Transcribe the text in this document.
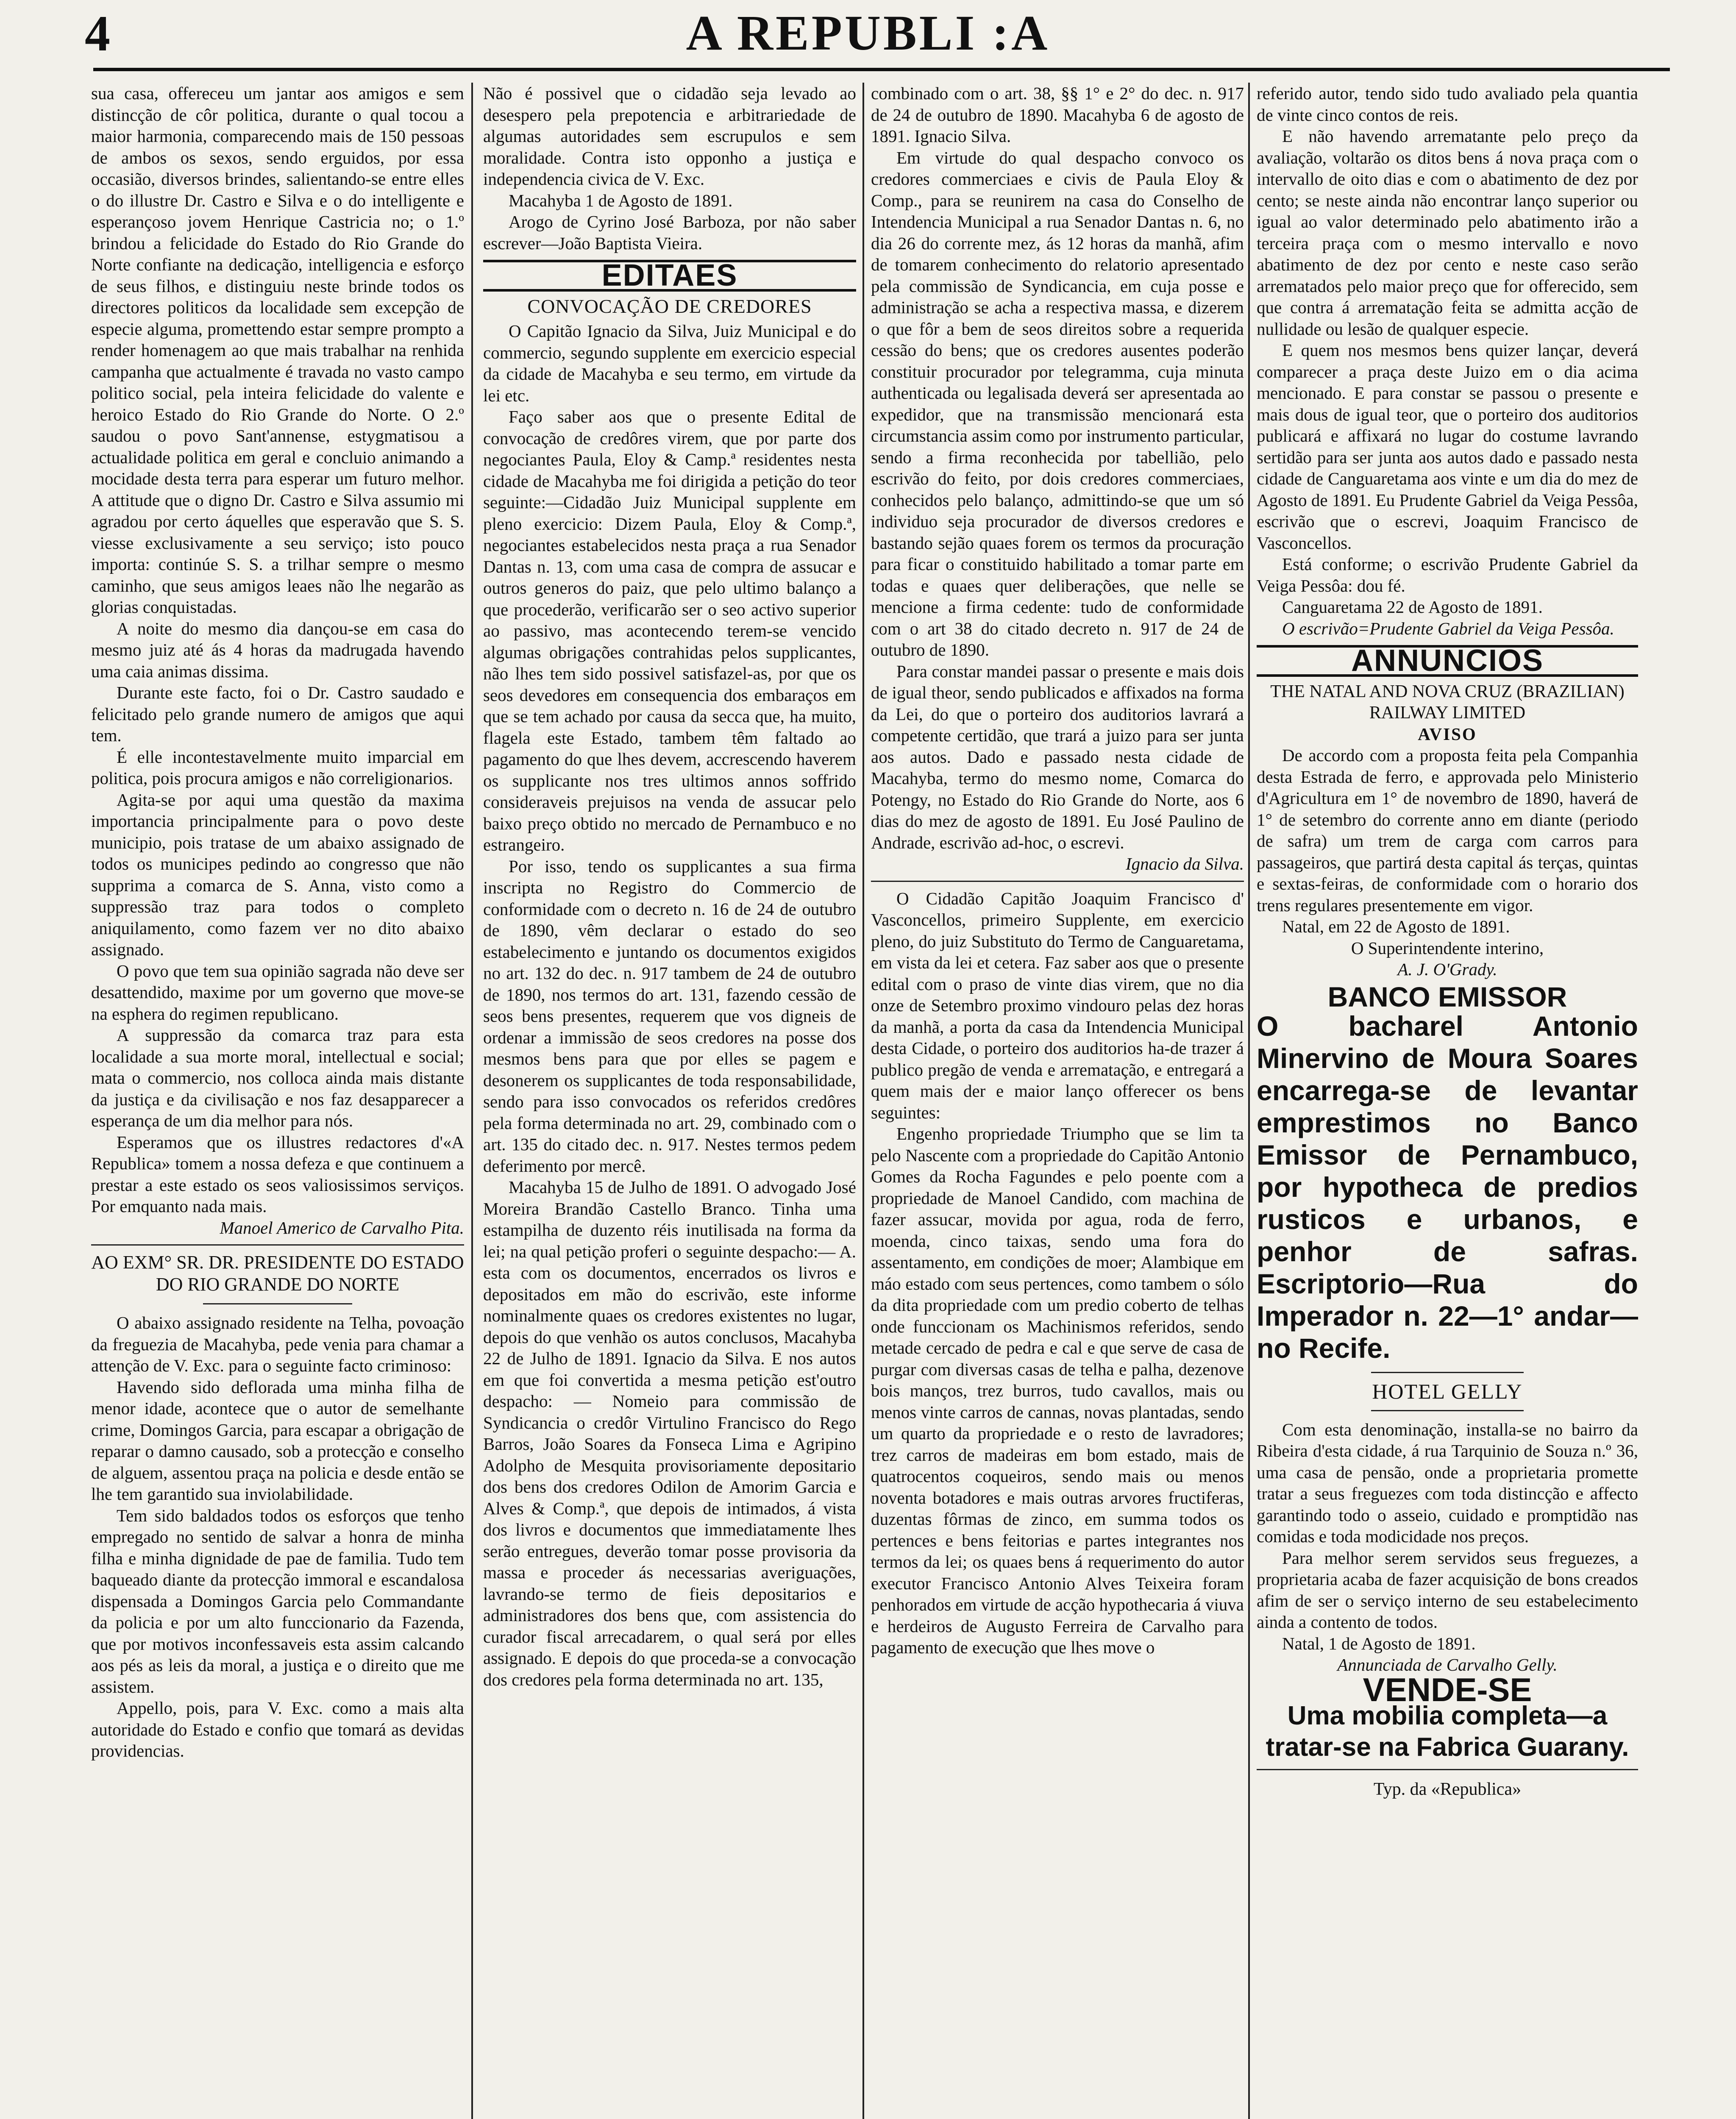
4	A REPUBLI :A

sua casa, offereceu um jantar aos amigos e sem distincção de côr politica, durante o qual tocou a maior harmonia, comparecendo mais de 150 pessoas de ambos os sexos, sendo erguidos, por essa occasião, diversos brindes, salientando-se entre elles o do illustre Dr. Castro e Silva e o do intelligente e esperançoso jovem Henrique Castricia no; o 1.º brindou a felicidade do Estado do Rio Grande do Norte confiante na dedicação, intelligencia e esforço de seus filhos, e distinguiu neste brinde todos os directores politicos da localidade sem excepção de especie alguma, promettendo estar sempre prompto a render homenagem ao que mais trabalhar na renhida campanha que actualmente é travada no vasto campo politico social, pela inteira felicidade do valente e heroico Estado do Rio Grande do Norte. O 2.º saudou o povo Sant'annense, estygmatisou a actualidade politica em geral e concluio animando a mocidade desta terra para esperar um futuro melhor. A attitude que o digno Dr. Castro e Silva assumio mi agradou por certo áquelles que esperavão que S. S. viesse exclusivamente a seu serviço; isto pouco importa: continúe S. S. a trilhar sempre o mesmo caminho, que seus amigos leaes não lhe negarão as glorias conquistadas.

A noite do mesmo dia dançou-se em casa do mesmo juiz até ás 4 horas da madrugada havendo uma caia animas dissima.

Durante este facto, foi o Dr. Castro saudado e felicitado pelo grande numero de amigos que aqui tem.

É elle incontestavelmente muito imparcial em politica, pois procura amigos e não correligionarios.

Agita-se por aqui uma questão da maxima importancia principalmente para o povo deste municipio, pois tratase de um abaixo assignado de todos os municipes pedindo ao congresso que não supprima a comarca de S. Anna, visto como a suppressão traz para todos o completo aniquilamento, como fazem ver no dito abaixo assignado.

O povo que tem sua opinião sagrada não deve ser desattendido, maxime por um governo que move-se na esphera do regimen republicano.

A suppressão da comarca traz para esta localidade a sua morte moral, intellectual e social; mata o commercio, nos colloca ainda mais distante da justiça e da civilisação e nos faz desapparecer a esperança de um dia melhor para nós.

Esperamos que os illustres redactores d'«A Republica» tomem a nossa defeza e que continuem a prestar a este estado os seos valiosissimos serviços. Por emquanto nada mais.

Manoel Americo de Carvalho Pita.

AO EXM° SR. DR. PRESIDENTE DO ESTADO DO RIO GRANDE DO NORTE

O abaixo assignado residente na Telha, povoação da freguezia de Macahyba, pede venia para chamar a attenção de V. Exc. para o seguinte facto criminoso:

Havendo sido deflorada uma minha filha de menor idade, acontece que o autor de semelhante crime, Domingos Garcia, para escapar a obrigação de reparar o damno causado, sob a protecção e conselho de alguem, assentou praça na policia e desde então se lhe tem garantido sua inviolabilidade.

Tem sido baldados todos os esforços que tenho empregado no sentido de salvar a honra de minha filha e minha dignidade de pae de familia. Tudo tem baqueado diante da protecção immoral e escandalosa dispensada a Domingos Garcia pelo Commandante da policia e por um alto funccionario da Fazenda, que por motivos inconfessaveis esta assim calcando aos pés as leis da moral, a justiça e o direito que me assistem.

Appello, pois, para V. Exc. como a mais alta autoridade do Estado e confio que tomará as devidas providencias.

Não é possivel que o cidadão seja levado ao desespero pela prepotencia e arbitrariedade de algumas autoridades sem escrupulos e sem moralidade. Contra isto opponho a justiça e independencia civica de V. Exc.

Macahyba 1 de Agosto de 1891.

Arogo de Cyrino José Barboza, por não saber escrever—João Baptista Vieira.

EDITAES
CONVOCAÇÃO DE CREDORES

O Capitão Ignacio da Silva, Juiz Municipal e do commercio, segundo supplente em exercicio especial da cidade de Macahyba e seu termo, em virtude da lei etc.

Faço saber aos que o presente Edital de convocação de credôres virem, que por parte dos negociantes Paula, Eloy & Camp.ª residentes nesta cidade de Macahyba me foi dirigida a petição do teor seguinte:—Cidadão Juiz Municipal supplente em pleno exercicio: Dizem Paula, Eloy & Comp.ª, negociantes estabelecidos nesta praça a rua Senador Dantas n. 13, com uma casa de compra de assucar e outros generos do paiz, que pelo ultimo balanço a que procederão, verificarão ser o seo activo superior ao passivo, mas acontecendo terem-se vencido algumas obrigações contrahidas pelos supplicantes, não lhes tem sido possivel satisfazel-as, por que os seos devedores em consequencia dos embaraços em que se tem achado por causa da secca que, ha muito, flagela este Estado, tambem têm faltado ao pagamento do que lhes devem, accrescendo haverem os supplicante nos tres ultimos annos soffrido consideraveis prejuisos na venda de assucar pelo baixo preço obtido no mercado de Pernambuco e no estrangeiro.

Por isso, tendo os supplicantes a sua firma inscripta no Registro do Commercio de conformidade com o decreto n. 16 de 24 de outubro de 1890, vêm declarar o estado do seo estabelecimento e juntando os documentos exigidos no art. 132 do dec. n. 917 tambem de 24 de outubro de 1890, nos termos do art. 131, fazendo cessão de seos bens presentes, requerem que vos digneis de ordenar a immissão de seos credores na posse dos mesmos bens para que por elles se pagem e desonerem os supplicantes de toda responsabilidade, sendo para isso convocados os referidos credôres pela forma determinada no art. 29, combinado com o art. 135 do citado dec. n. 917. Nestes termos pedem deferimento por mercê.

Macahyba 15 de Julho de 1891. O advogado José Moreira Brandão Castello Branco. Tinha uma estampilha de duzento réis inutilisada na forma da lei; na qual petição proferi o seguinte despacho:— A. esta com os documentos, encerrados os livros e depositados em mão do escrivão, este informe nominalmente quaes os credores existentes no lugar, depois do que venhão os autos conclusos, Macahyba 22 de Julho de 1891. Ignacio da Silva. E nos autos em que foi convertida a mesma petição est'outro despacho: — Nomeio para commissão de Syndicancia o credôr Virtulino Francisco do Rego Barros, João Soares da Fonseca Lima e Agripino Adolpho de Mesquita provisoriamente depositario dos bens dos credores Odilon de Amorim Garcia e Alves & Comp.ª, que depois de intimados, á vista dos livros e documentos que immediatamente lhes serão entregues, deverão tomar posse provisoria da massa e proceder ás necessarias averiguações, lavrando-se termo de fieis depositarios e administradores dos bens que, com assistencia do curador fiscal arrecadarem, o qual será por elles assignado. E depois do que proceda-se a convocação dos credores pela forma determinada no art. 135,

combinado com o art. 38, §§ 1° e 2° do dec. n. 917 de 24 de outubro de 1890. Macahyba 6 de agosto de 1891. Ignacio Silva.

Em virtude do qual despacho convoco os credores commerciaes e civis de Paula Eloy & Comp., para se reunirem na casa do Conselho de Intendencia Municipal a rua Senador Dantas n. 6, no dia 26 do corrente mez, ás 12 horas da manhã, afim de tomarem conhecimento do relatorio apresentado pela commissão de Syndicancia, em cuja posse e administração se acha a respectiva massa, e dizerem o que fôr a bem de seos direitos sobre a requerida cessão do bens; que os credores ausentes poderão constituir procurador por telegramma, cuja minuta authenticada ou legalisada deverá ser apresentada ao expedidor, que na transmissão mencionará esta circumstancia assim como por instrumento particular, sendo a firma reconhecida por tabellião, pelo escrivão do feito, por dois credores commerciaes, conhecidos pelo balanço, admittindo-se que um só individuo seja procurador de diversos credores e bastando sejão quaes forem os termos da procuração para ficar o constituido habilitado a tomar parte em todas e quaes quer deliberações, que nelle se mencione a firma cedente: tudo de conformidade com o art 38 do citado decreto n. 917 de 24 de outubro de 1890.

Para constar mandei passar o presente e mais dois de igual theor, sendo publicados e affixados na forma da Lei, do que o porteiro dos auditorios lavrará a competente certidão, que trará a juizo para ser junta aos autos. Dado e passado nesta cidade de Macahyba, termo do mesmo nome, Comarca do Potengy, no Estado do Rio Grande do Norte, aos 6 dias do mez de agosto de 1891. Eu José Paulino de Andrade, escrivão ad-hoc, o escrevi.

Ignacio da Silva.

O Cidadão Capitão Joaquim Francisco d' Vasconcellos, primeiro Supplente, em exercicio pleno, do juiz Substituto do Termo de Canguaretama, em vista da lei et cetera. Faz saber aos que o presente edital com o praso de vinte dias virem, que no dia onze de Setembro proximo vindouro pelas dez horas da manhã, a porta da casa da Intendencia Municipal desta Cidade, o porteiro dos auditorios ha-de trazer á publico pregão de venda e arrematação, e entregará a quem mais der e maior lanço offerecer os bens seguintes:

Engenho propriedade Triumpho que se lim ta pelo Nascente com a propriedade do Capitão Antonio Gomes da Rocha Fagundes e pelo poente com a propriedade de Manoel Candido, com machina de fazer assucar, movida por agua, roda de ferro, moenda, cinco taixas, sendo uma fora do assentamento, em condições de moer; Alambique em máo estado com seus pertences, como tambem o sólo da dita propriedade com um predio coberto de telhas onde funccionam os Machinismos referidos, sendo metade cercado de pedra e cal e que serve de casa de purgar com diversas casas de telha e palha, dezenove bois manços, trez burros, tudo cavallos, mais ou menos vinte carros de cannas, novas plantadas, sendo um quarto da propriedade e o resto de lavradores; trez carros de madeiras em bom estado, mais de quatrocentos coqueiros, sendo mais ou menos noventa botadores e mais outras arvores fructiferas, duzentas fôrmas de zinco, em summa todos os pertences e bens feitorias e partes integrantes nos termos da lei; os quaes bens á requerimento do autor executor Francisco Antonio Alves Teixeira foram penhorados em virtude de acção hypothecaria á viuva e herdeiros de Augusto Ferreira de Carvalho para pagamento de execução que lhes move o

referido autor, tendo sido tudo avaliado pela quantia de vinte cinco contos de reis.

E não havendo arrematante pelo preço da avaliação, voltarão os ditos bens á nova praça com o intervallo de oito dias e com o abatimento de dez por cento; se neste ainda não encontrar lanço superior ou igual ao valor determinado pelo abatimento irão a terceira praça com o mesmo intervallo e novo abatimento de dez por cento e neste caso serão arrematados pelo maior preço que for offerecido, sem que contra á arrematação feita se admitta acção de nullidade ou lesão de qualquer especie.

E quem nos mesmos bens quizer lançar, deverá comparecer a praça deste Juizo em o dia acima mencionado. E para constar se passou o presente e mais dous de igual teor, que o porteiro dos auditorios publicará e affixará no lugar do costume lavrando sertidão para ser junta aos autos dado e passado nesta cidade de Canguaretama aos vinte e um dia do mez de Agosto de 1891. Eu Prudente Gabriel da Veiga Pessôa, escrivão que o escrevi, Joaquim Francisco de Vasconcellos.

Está conforme; o escrivão Prudente Gabriel da Veiga Pessôa: dou fé.

Canguaretama 22 de Agosto de 1891.

O escrivão=Prudente Gabriel da Veiga Pessôa.

ANNUNCIOS

THE NATAL AND NOVA CRUZ (BRAZILIAN) RAILWAY LIMITED

AVISO

De accordo com a proposta feita pela Companhia desta Estrada de ferro, e approvada pelo Ministerio d'Agricultura em 1° de novembro de 1890, haverá de 1° de setembro do corrente anno em diante (periodo de safra) um trem de carga com carros para passageiros, que partirá desta capital ás terças, quintas e sextas-feiras, de conformidade com o horario dos trens regulares presentemente em vigor.

Natal, em 22 de Agosto de 1891.

O Superintendente interino,

A. J. O'Grady.

BANCO EMISSOR
O bacharel Antonio Minervino de Moura Soares encarrega-se de levantar emprestimos no Banco Emissor de Pernambuco, por hypotheca de predios rusticos e urbanos, e penhor de safras. Escriptorio—Rua do Imperador n. 22—1° andar—no Recife.
HOTEL GELLY

Com esta denominação, installa-se no bairro da Ribeira d'esta cidade, á rua Tarquinio de Souza n.º 36, uma casa de pensão, onde a proprietaria promette tratar a seus freguezes com toda distincção e affecto garantindo todo o asseio, cuidado e promptidão nas comidas e toda modicidade nos preços.

Para melhor serem servidos seus freguezes, a proprietaria acaba de fazer acquisição de bons creados afim de ser o serviço interno de seu estabelecimento ainda a contento de todos.

Natal, 1 de Agosto de 1891.

Annunciada de Carvalho Gelly.

VENDE-SE
Uma mobilia completa—a tratar-se na Fabrica Guarany.
Typ. da «Republica»
